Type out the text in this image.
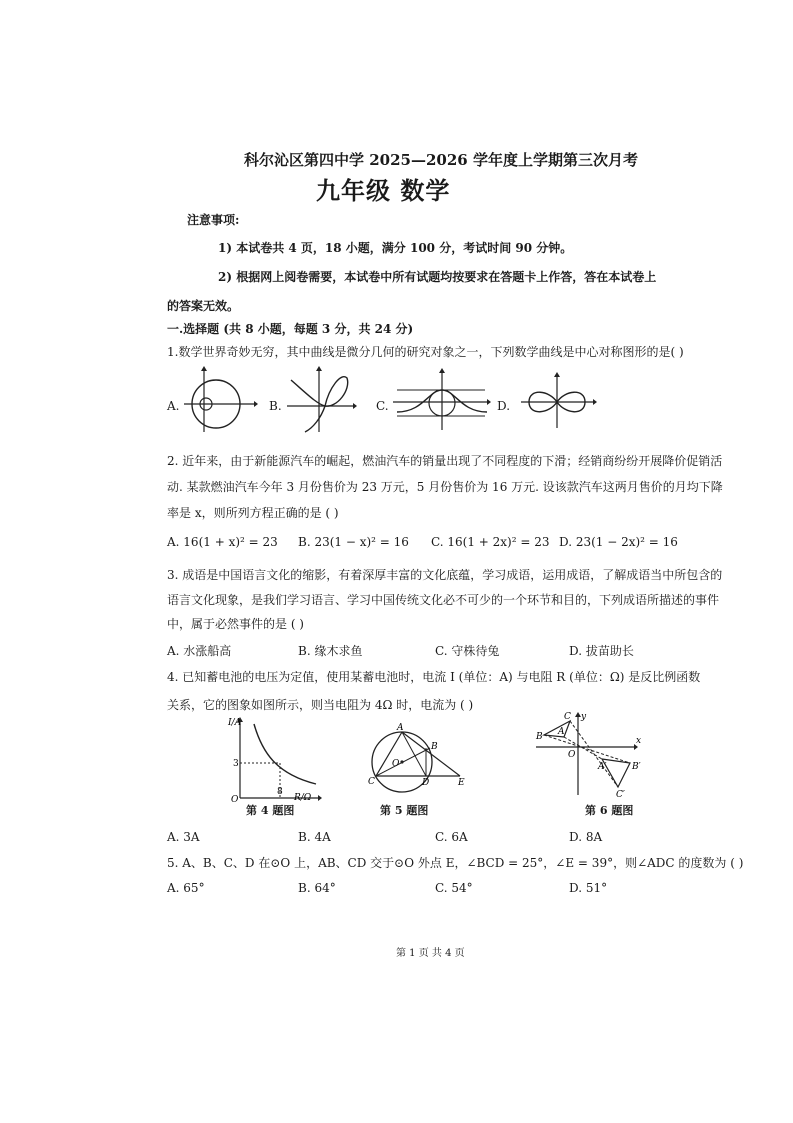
科尔沁区第四中学 2025—2026 学年度上学期第三次月考
九年级 数学
注意事项:
1) 本试卷共 4 页，18 小题，满分 100 分，考试时间 90 分钟。
2) 根据网上阅卷需要，本试卷中所有试题均按要求在答题卡上作答，答在本试卷上
的答案无效。
一.选择题 (共 8 小题，每题 3 分，共 24 分)
1.数学世界奇妙无穷，其中曲线是微分几何的研究对象之一，下列数学曲线是中心对称图形的是( )
A.	B.	C.	D.
2. 近年来，由于新能源汽车的崛起，燃油汽车的销量出现了不同程度的下滑；经销商纷纷开展降价促销活
动. 某款燃油汽车今年 3 月份售价为 23 万元，5 月份售价为 16 万元. 设该款汽车这两月售价的月均下降
率是 x，则所列方程正确的是 ( )
A. 16(1 + x)² = 23 B. 23(1 − x)² = 16 C. 16(1 + 2x)² = 23 D. 23(1 − 2x)² = 16
3. 成语是中国语言文化的缩影，有着深厚丰富的文化底蕴，学习成语，运用成语，了解成语当中所包含的
语言文化现象，是我们学习语言、学习中国传统文化必不可少的一个环节和目的，下列成语所描述的事件
中，属于必然事件的是 ( )
A. 水涨船高	B. 缘木求鱼	C. 守株待兔	D. 拔苗助长
4. 已知蓄电池的电压为定值，使用某蓄电池时，电流 I (单位：A) 与电阻 R (单位：Ω) 是反比例函数
关系，它的图象如图所示，则当电阻为 4Ω 时，电流为 ( )
I/A
R/Ω
O
3
8
第 4 题图
A
B
C	D	E
O
第 5 题图
C
B A
O
A′	B′
C′
y
x
第 6 题图
A. 3A	B. 4A	C. 6A	D. 8A
5. A、B、C、D 在⊙O 上，AB、CD 交于⊙O 外点 E，∠BCD = 25°，∠E = 39°，则∠ADC 的度数为 ( )
A. 65°	B. 64°	C. 54°	D. 51°
第 1 页 共 4 页
